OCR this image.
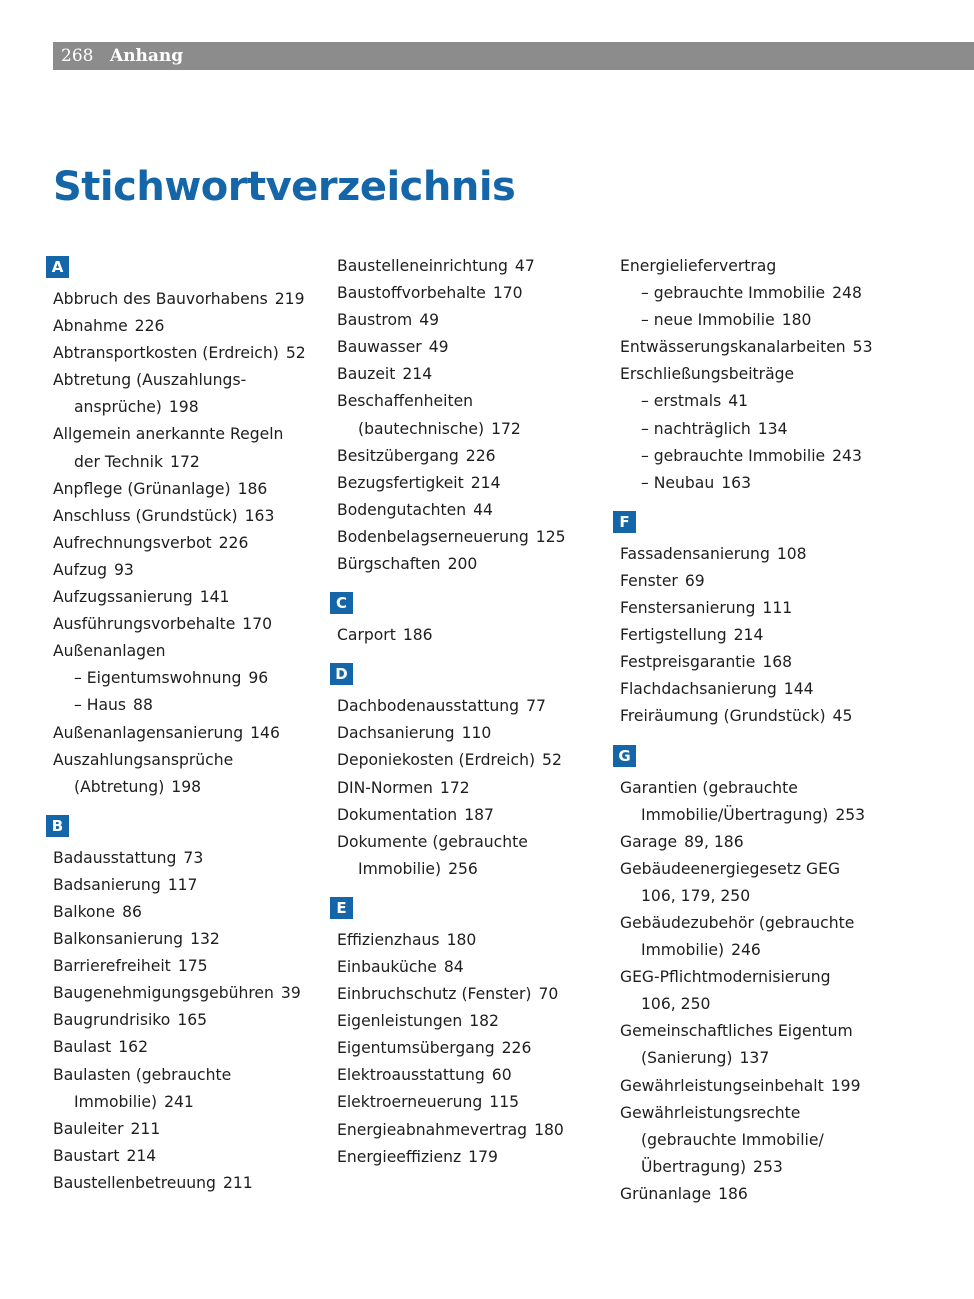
268 Anhang
Stichwortverzeichnis
A
Abbruch des Bauvorhabens 219
Abnahme 226
Abtransportkosten (Erdreich) 52
Abtretung (Auszahlungs-
ansprüche) 198
Allgemein anerkannte Regeln
der Technik 172
Anpflege (Grünanlage) 186
Anschluss (Grundstück) 163
Aufrechnungsverbot 226
Aufzug 93
Aufzugssanierung 141
Ausführungsvorbehalte 170
Außenanlagen
– Eigentumswohnung 96
– Haus 88
Außenanlagensanierung 146
Auszahlungsansprüche
(Abtretung) 198
B
Badausstattung 73
Badsanierung 117
Balkone 86
Balkonsanierung 132
Barrierefreiheit 175
Baugenehmigungsgebühren 39
Baugrundrisiko 165
Baulast 162
Baulasten (gebrauchte
Immobilie) 241
Bauleiter 211
Baustart 214
Baustellenbetreuung 211
Baustelleneinrichtung 47
Baustoffvorbehalte 170
Baustrom 49
Bauwasser 49
Bauzeit 214
Beschaffenheiten
(bautechnische) 172
Besitzübergang 226
Bezugsfertigkeit 214
Bodengutachten 44
Bodenbelagserneuerung 125
Bürgschaften 200
C
Carport 186
D
Dachbodenausstattung 77
Dachsanierung 110
Deponiekosten (Erdreich) 52
DIN-Normen 172
Dokumentation 187
Dokumente (gebrauchte
Immobilie) 256
E
Effizienzhaus 180
Einbauküche 84
Einbruchschutz (Fenster) 70
Eigenleistungen 182
Eigentumsübergang 226
Elektroausstattung 60
Elektroerneuerung 115
Energieabnahmevertrag 180
Energieeffizienz 179
Energieliefervertrag
– gebrauchte Immobilie 248
– neue Immobilie 180
Entwässerungskanalarbeiten 53
Erschließungsbeiträge
– erstmals 41
– nachträglich 134
– gebrauchte Immobilie 243
– Neubau 163
F
Fassadensanierung 108
Fenster 69
Fenstersanierung 111
Fertigstellung 214
Festpreisgarantie 168
Flachdachsanierung 144
Freiräumung (Grundstück) 45
G
Garantien (gebrauchte
Immobilie/Übertragung) 253
Garage 89, 186
Gebäudeenergiegesetz GEG
106, 179, 250
Gebäudezubehör (gebrauchte
Immobilie) 246
GEG-Pflichtmodernisierung
106, 250
Gemeinschaftliches Eigentum
(Sanierung) 137
Gewährleistungseinbehalt 199
Gewährleistungsrechte
(gebrauchte Immobilie/
Übertragung) 253
Grünanlage 186
